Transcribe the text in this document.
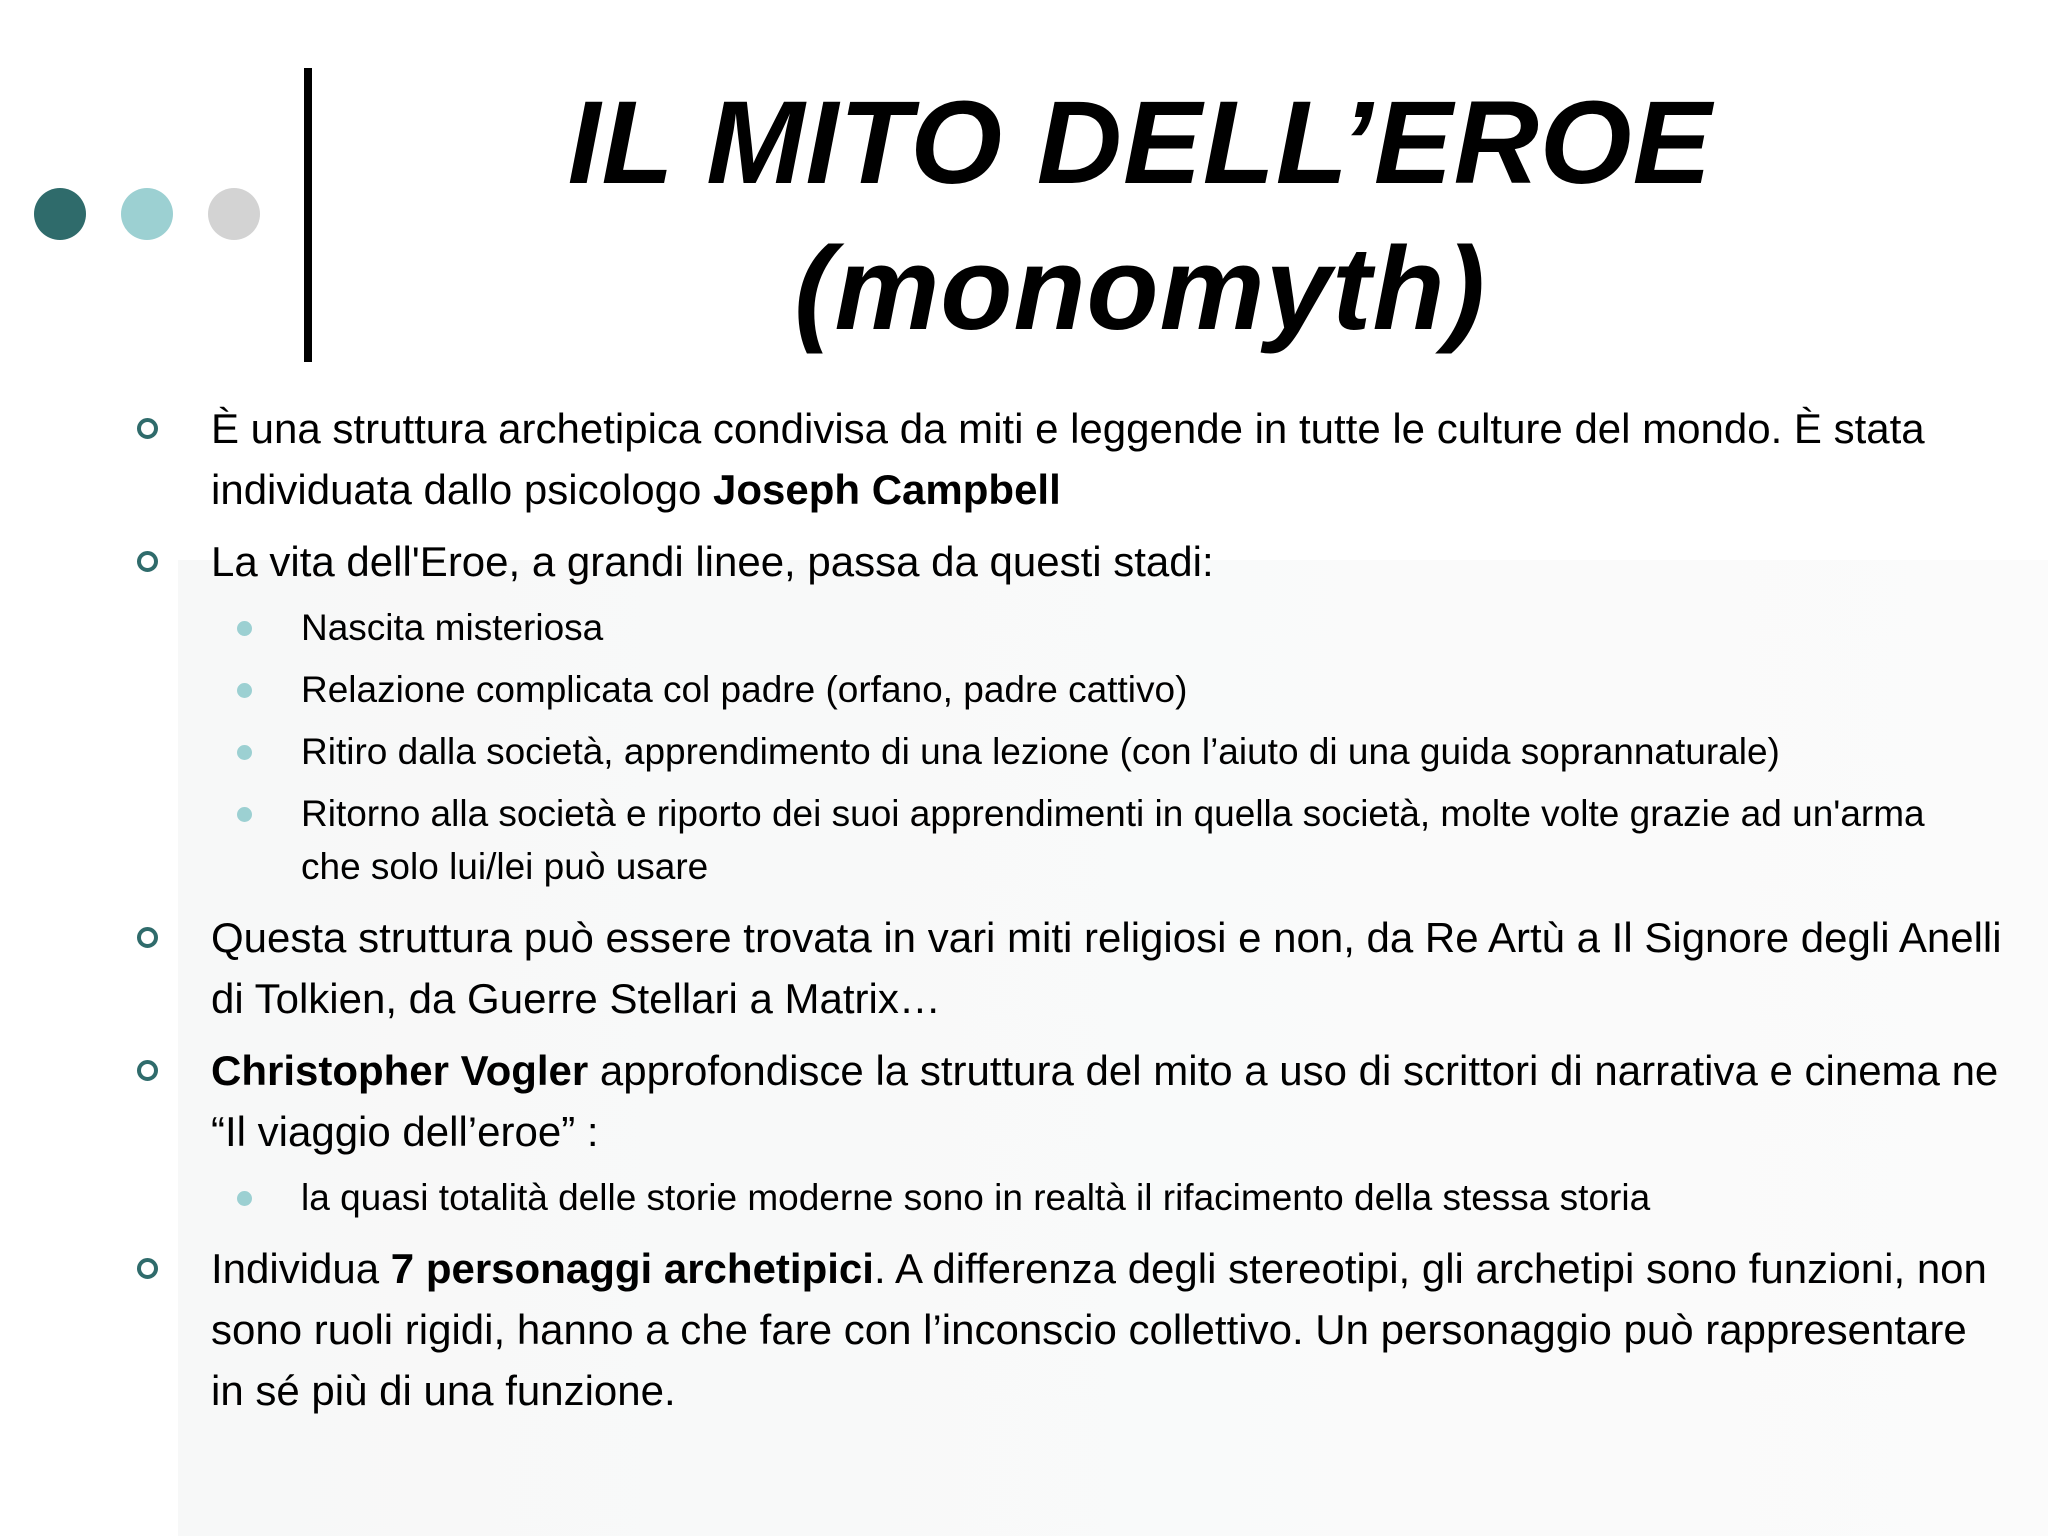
IL MITO DELL’EROE
(monomyth)
È una struttura archetipica condivisa da miti e leggende in tutte le culture del mondo. È stata individuata dallo psicologo Joseph Campbell
La vita dell'Eroe, a grandi linee, passa da questi stadi:
Nascita misteriosa
Relazione complicata col padre (orfano, padre cattivo)
Ritiro dalla società, apprendimento di una lezione (con l’aiuto di una guida soprannaturale)
Ritorno alla società e riporto dei suoi apprendimenti in quella società, molte volte grazie ad un'arma che solo lui/lei può usare
Questa struttura può essere trovata in vari miti religiosi e non, da Re Artù a Il Signore degli Anelli di Tolkien, da Guerre Stellari a Matrix…
Christopher Vogler approfondisce la struttura del mito a uso di scrittori di narrativa e cinema ne “Il viaggio dell’eroe” :
la quasi totalità delle storie moderne sono in realtà il rifacimento della stessa storia
Individua 7 personaggi archetipici. A differenza degli stereotipi, gli archetipi sono funzioni, non sono ruoli rigidi, hanno a che fare con l’inconscio collettivo. Un personaggio può rappresentare in sé più di una funzione.
